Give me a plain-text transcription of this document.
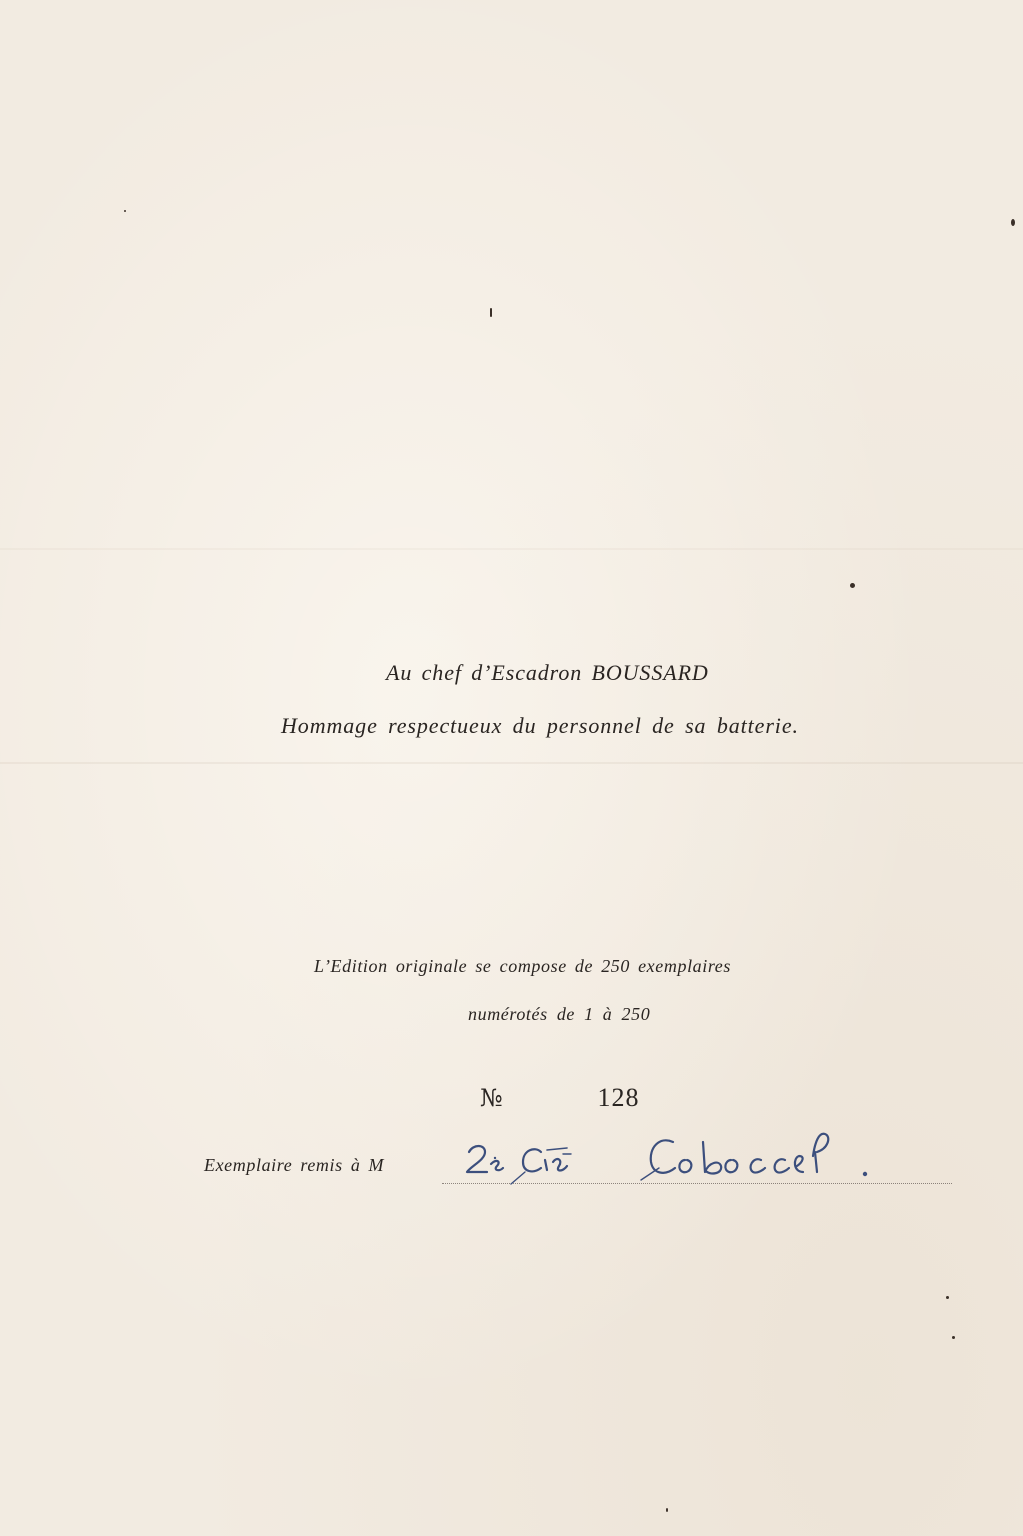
Au chef d’Escadron BOUSSARD
Hommage respectueux du personnel de sa batterie.
L’Edition originale se compose de 250 exemplaires
numérotés de 1 à 250
№	128
Exemplaire remis à M
